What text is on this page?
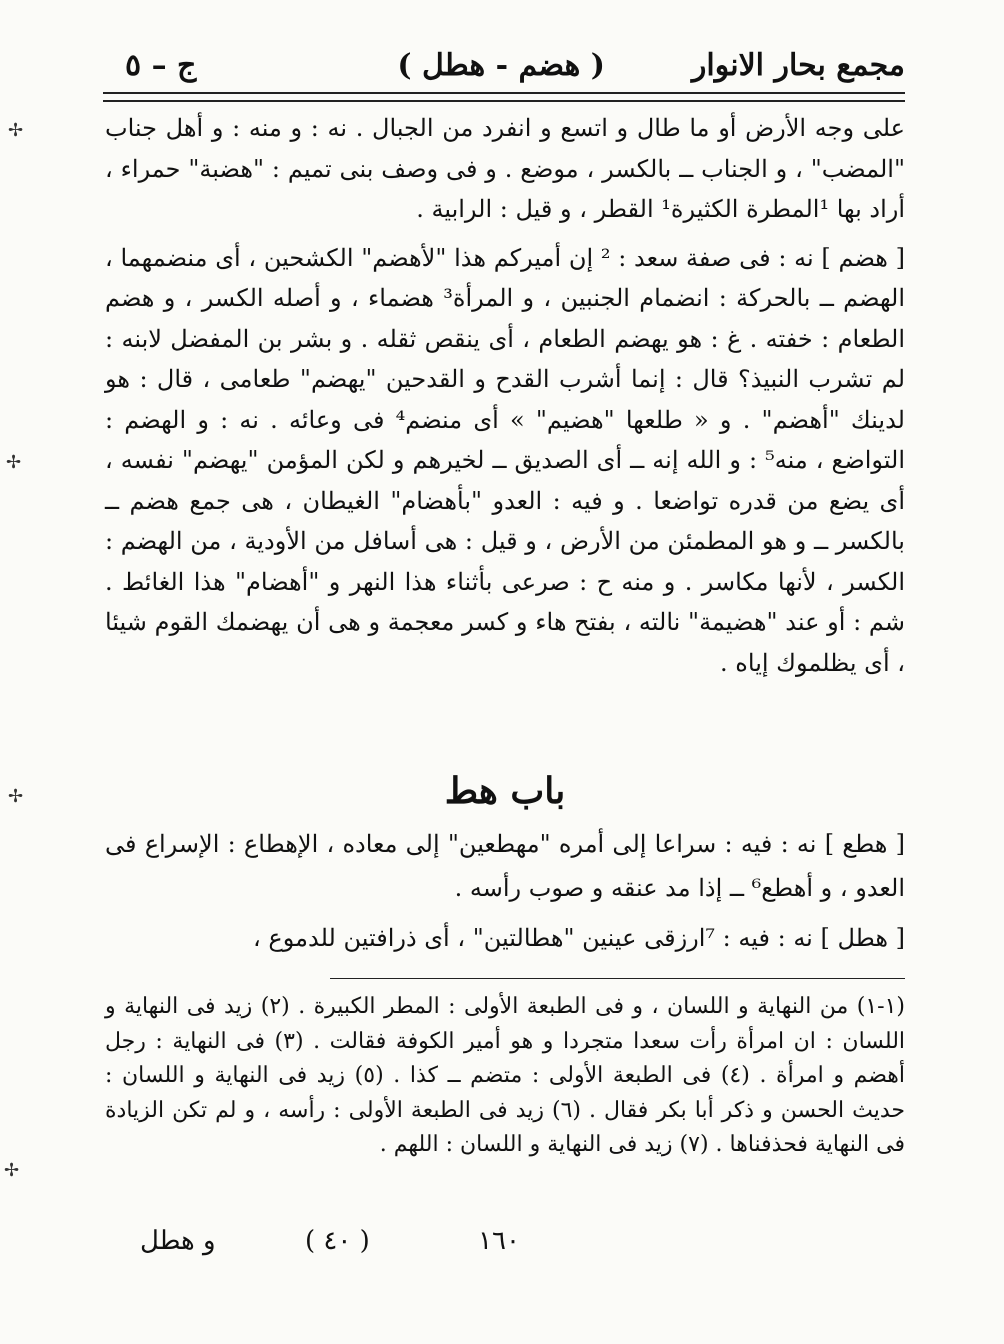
مجمع بحار الانوار
( هضم - هطل )
ج – ٥

على وجه الأرض أو ما طال و اتسع و انفرد من الجبال . نه : و منه : و أهل جناب "المضب" ، و الجناب ــ بالكسر ، موضع . و فى وصف بنى تميم : "هضبة" حمراء ، أراد بها ¹المطرة الكثيرة¹ القطر ، و قيل : الرابية .

[ هضم ] نه : فى صفة سعد : ² إن أميركم هذا "لأهضم" الكشحين ، أى منضمهما ، الهضم ــ بالحركة : انضمام الجنبين ، و المرأة³ هضماء ، و أصله الكسر ، و هضم الطعام : خفته . غ : هو يهضم الطعام ، أى ينقص ثقله . و بشر بن المفضل لابنه : لم تشرب النبيذ؟ قال : إنما أشرب القدح و القدحين "يهضم" طعامى ، قال : هو لدينك "أهضم" . و « طلعها "هضيم" » أى منضم⁴ فى وعائه . نه : و الهضم : التواضع ، منه⁵ : و الله إنه ــ أى الصديق ــ لخيرهم و لكن المؤمن "يهضم" نفسه ، أى يضع من قدره تواضعا . و فيه : العدو "بأهضام" الغيطان ، هى جمع هضم ــ بالكسر ــ و هو المطمئن من الأرض ، و قيل : هى أسافل من الأودية ، من الهضم : الكسر ، لأنها مكاسر . و منه ح : صرعى بأثناء هذا النهر و "أهضام" هذا الغائط . شم : أو عند "هضيمة" نالته ، بفتح هاء و كسر معجمة و هى أن يهضمك القوم شيئا ، أى يظلموك إياه .

باب هط

[ هطع ] نه : فيه : سراعا إلى أمره "مهطعين" إلى معاده ، الإهطاع : الإسراع فى العدو ، و أهطع⁶ ــ إذا مد عنقه و صوب رأسه .

[ هطل ] نه : فيه : ⁷ارزقى عينين "هطالتين" ، أى ذرافتين للدموع ،

(١-١) من النهاية و اللسان ، و فى الطبعة الأولى : المطر الكبيرة . (٢) زيد فى النهاية و اللسان : ان امرأة رأت سعدا متجردا و هو أمير الكوفة فقالت . (٣) فى النهاية : رجل أهضم و امرأة . (٤) فى الطبعة الأولى : متضم ــ كذا . (٥) زيد فى النهاية و اللسان : حديث الحسن و ذكر أبا بكر فقال . (٦) زيد فى الطبعة الأولى : رأسه ، و لم تكن الزيادة فى النهاية فحذفناها . (٧) زيد فى النهاية و اللسان : اللهم .
١٦٠
( ٤٠ )
و هطل
✢
✢
✢
✢
